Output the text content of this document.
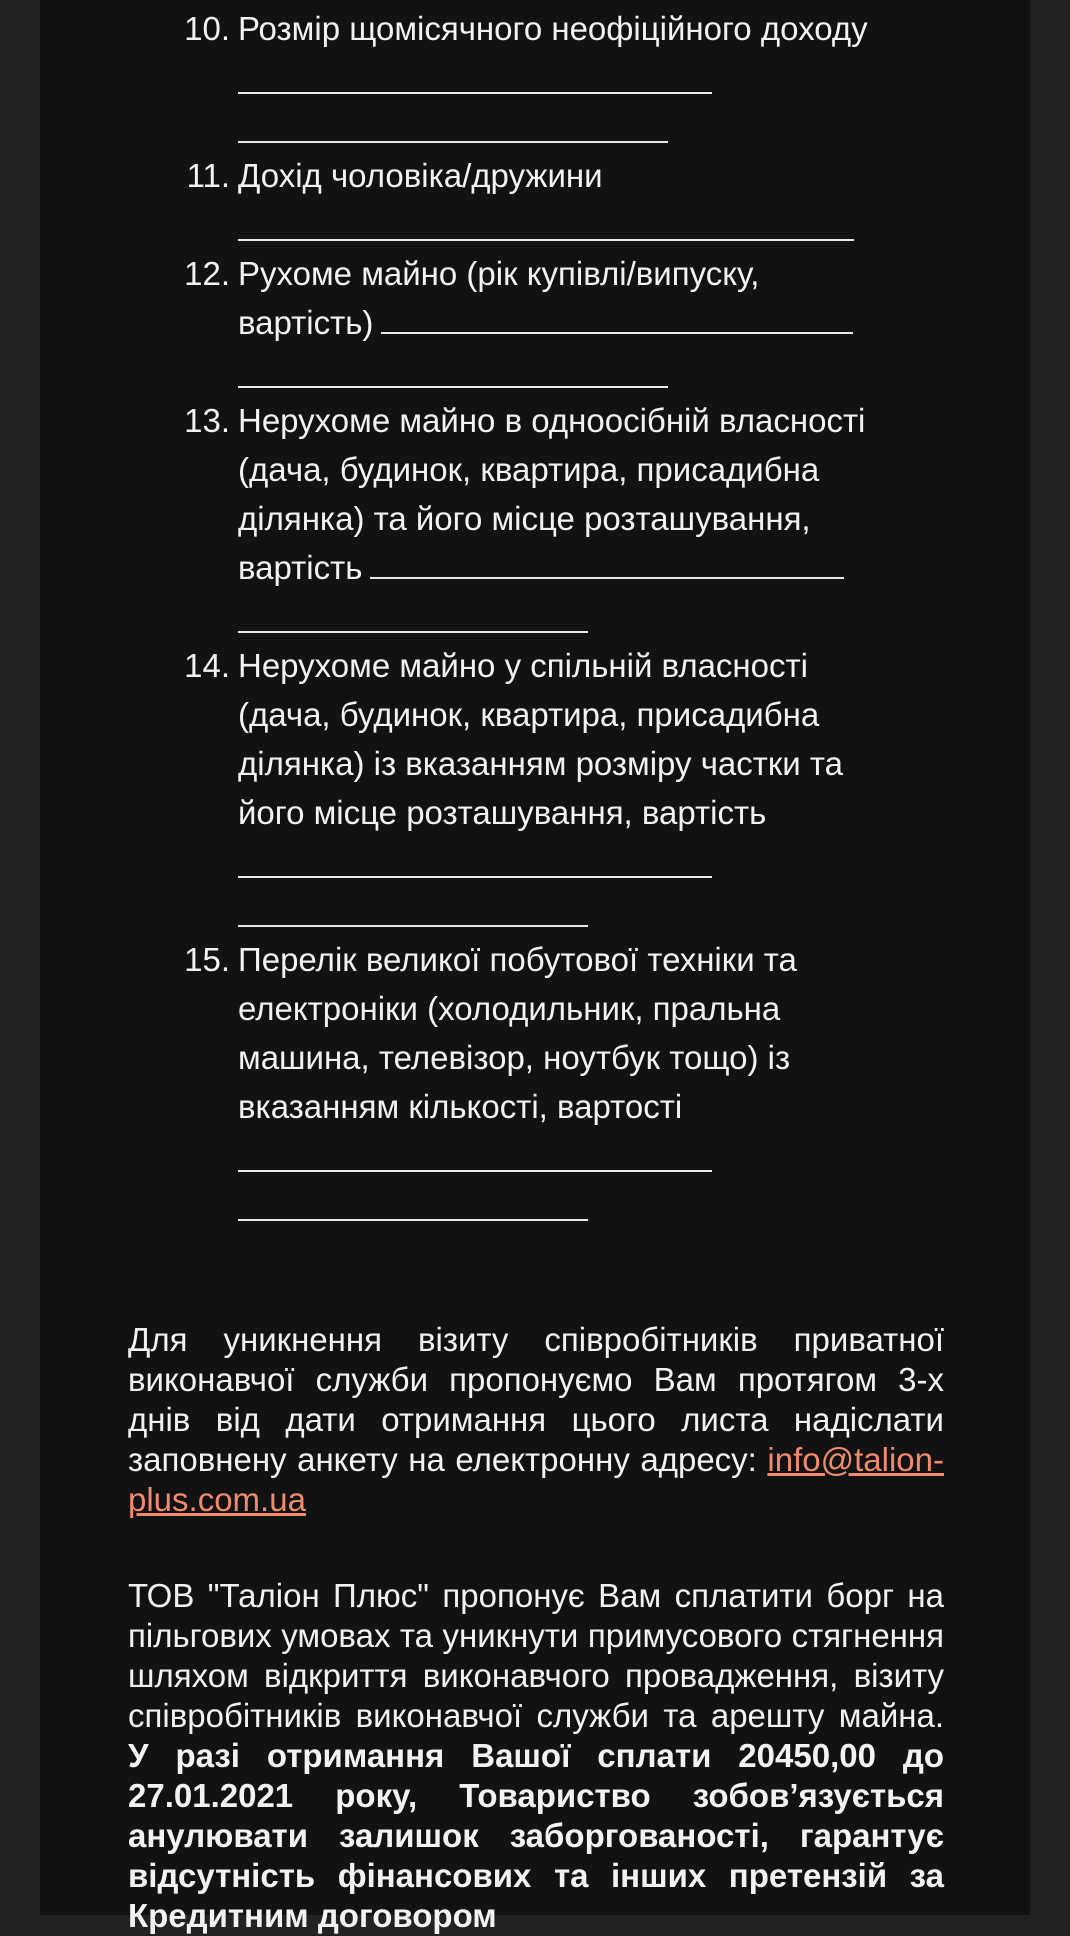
10. Розмір щомісячного неофіційного доходу
11. Дохід чоловіка/дружини
12. Рухоме майно (рік купівлі/випуску,
вартість)
13. Нерухоме майно в одноосібній власності
(дача, будинок, квартира, присадибна
ділянка) та його місце розташування,
вартість
14. Нерухоме майно у спільній власності
(дача, будинок, квартира, присадибна
ділянка) із вказанням розміру частки та
його місце розташування, вартість
15. Перелік великої побутової техніки та
електроніки (холодильник, пральна
машина, телевізор, ноутбук тощо) із
вказанням кількості, вартості
Для уникнення візиту співробітників приватної виконавчої служби пропонуємо Вам протягом 3-х днів від дати отримання цього листа надіслати заповнену анкету на електронну адресу: info@talion-plus.com.ua
ТОВ "Таліон Плюс" пропонує Вам сплатити борг на пільгових умовах та уникнути примусового стягнення шляхом відкриття виконавчого провадження, візиту співробітників виконавчої служби та арешту майна. У разі отримання Вашої сплати 20450,00 до 27.01.2021 року, Товариство зобов’язується анулювати залишок заборгованості, гарантує відсутність фінансових та інших претензій за Кредитним договором
